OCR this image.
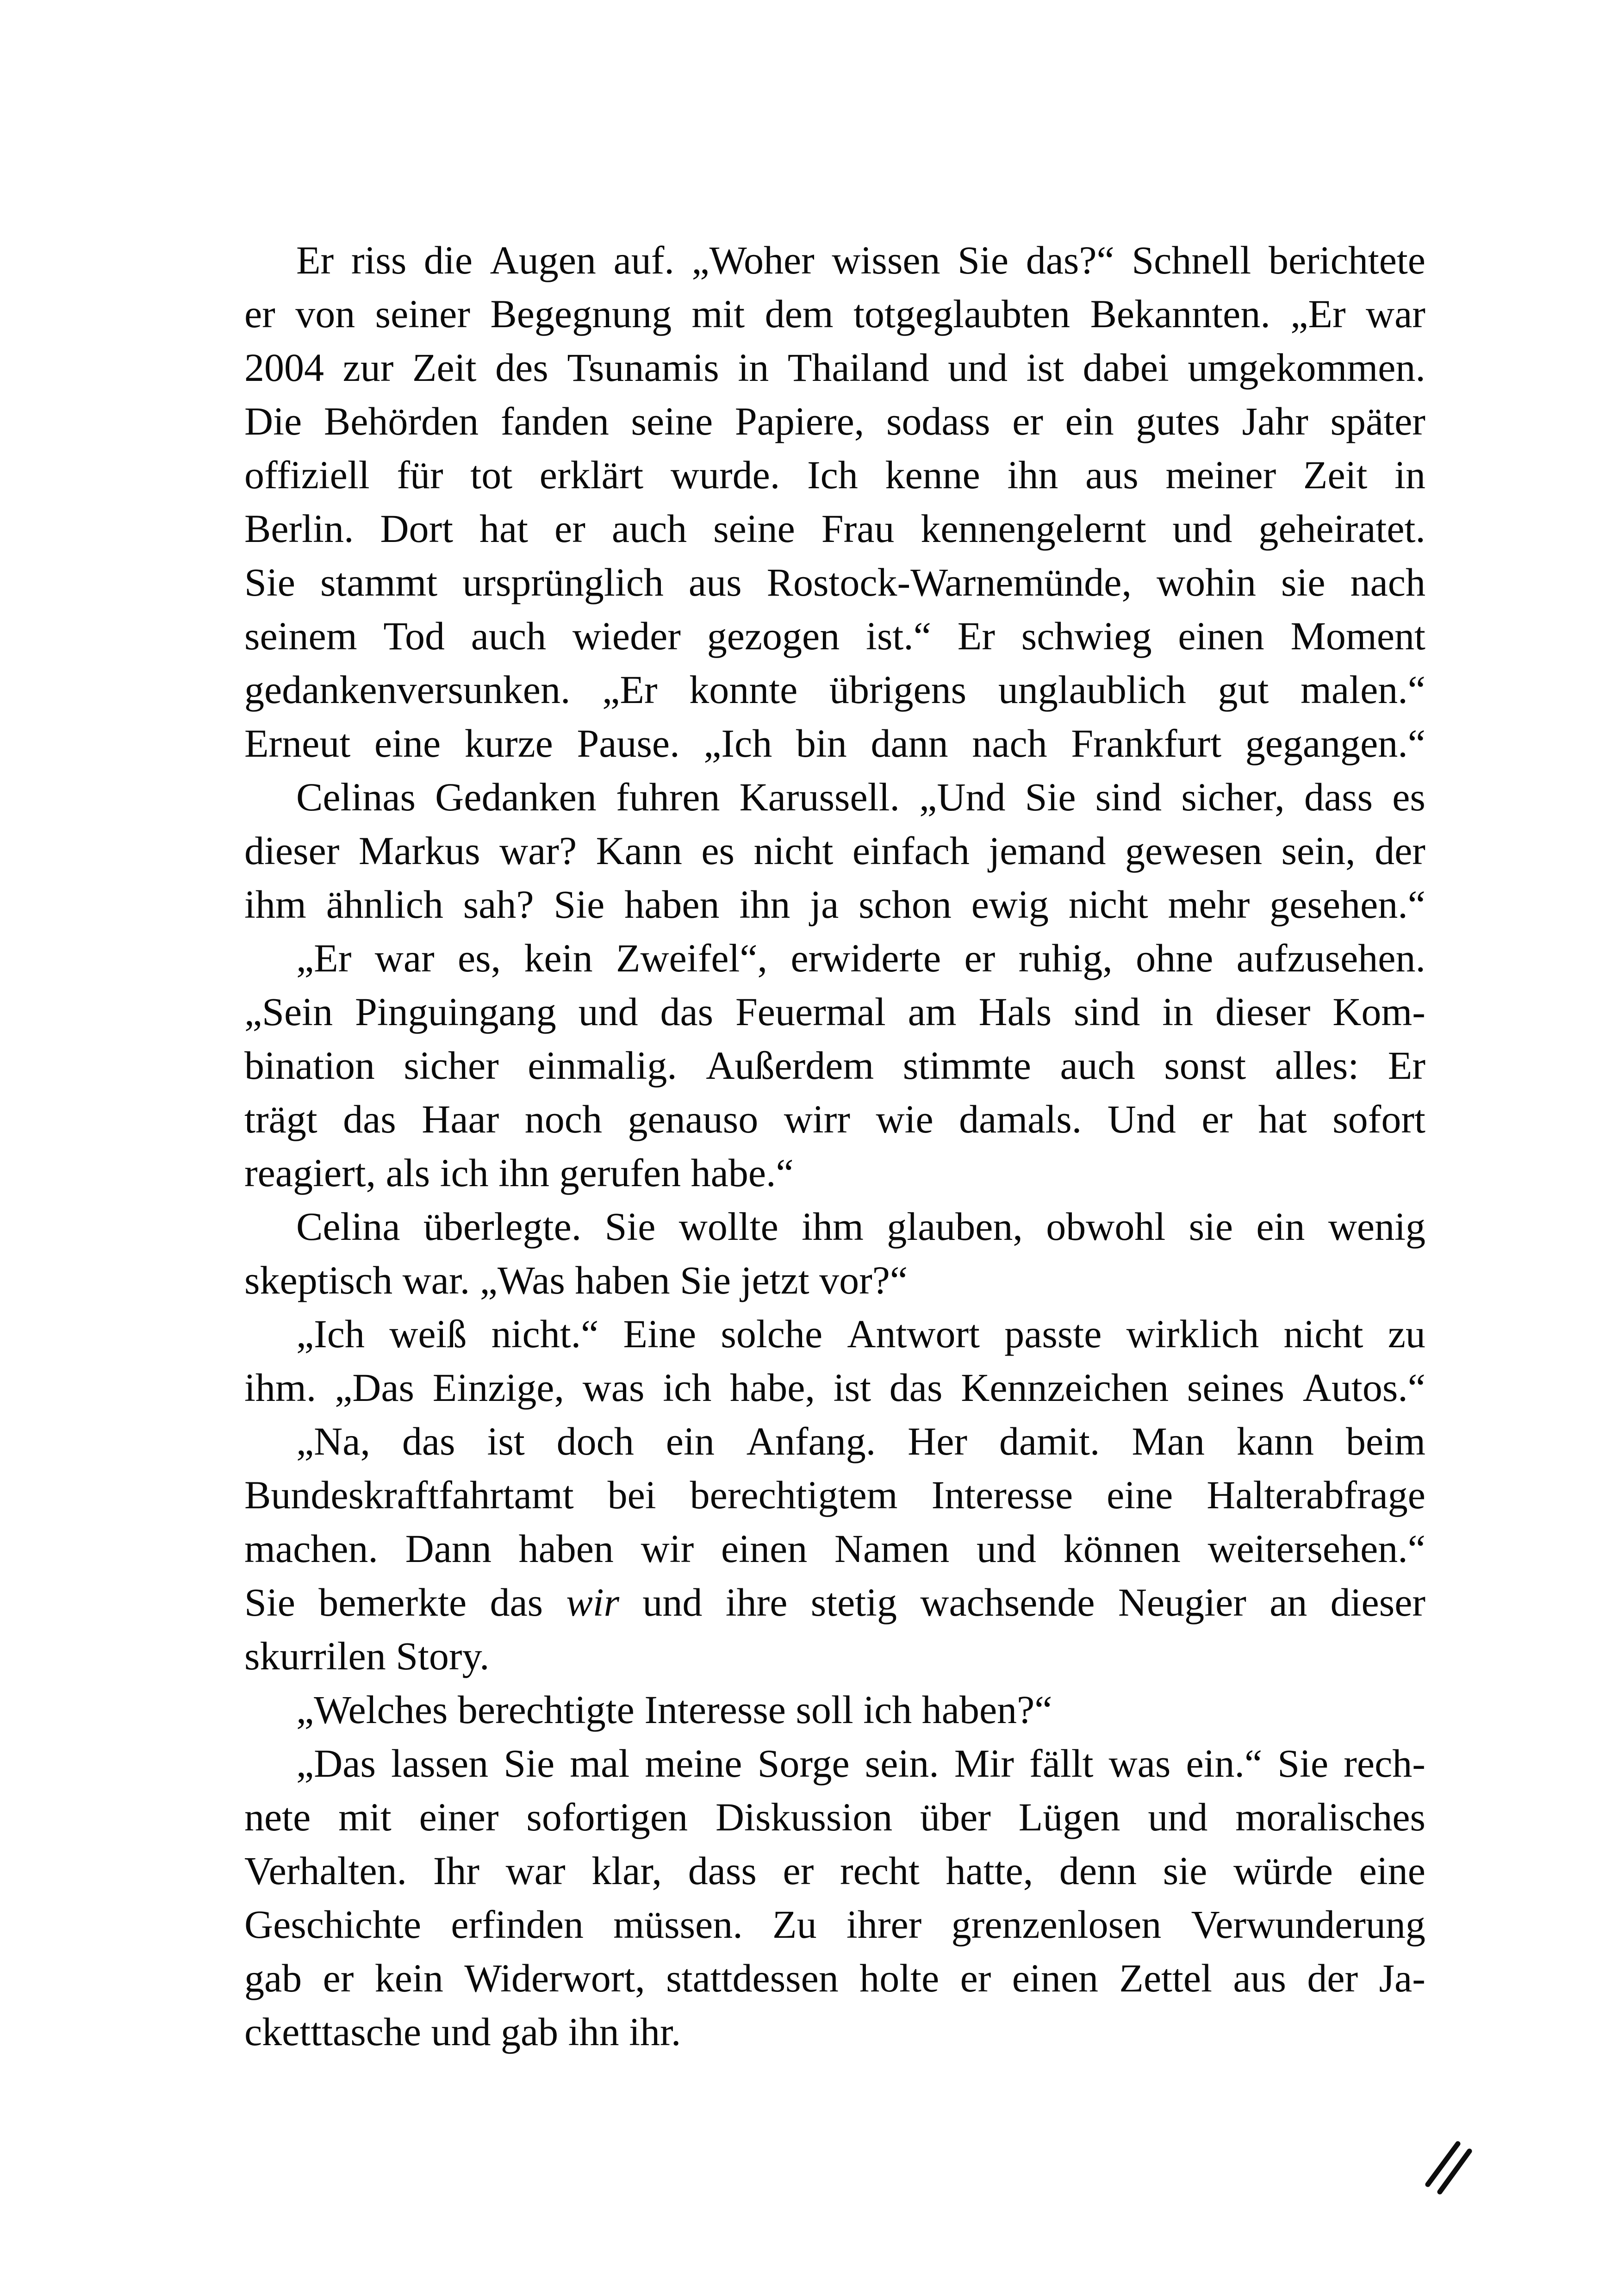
Er riss die Augen auf. „Woher wissen Sie das?“ Schnell berichtete
er von seiner Begegnung mit dem totgeglaubten Bekannten. „Er war
2004 zur Zeit des Tsunamis in Thailand und ist dabei umgekommen.
Die Behörden fanden seine Papiere, sodass er ein gutes Jahr später
offiziell für tot erklärt wurde. Ich kenne ihn aus meiner Zeit in
Berlin. Dort hat er auch seine Frau kennengelernt und geheiratet.
Sie stammt ursprünglich aus Rostock-Warnemünde, wohin sie nach
seinem Tod auch wieder gezogen ist.“ Er schwieg einen Moment
gedankenversunken. „Er konnte übrigens unglaublich gut malen.“
Erneut eine kurze Pause. „Ich bin dann nach Frankfurt gegangen.“
Celinas Gedanken fuhren Karussell. „Und Sie sind sicher, dass es
dieser Markus war? Kann es nicht einfach jemand gewesen sein, der
ihm ähnlich sah? Sie haben ihn ja schon ewig nicht mehr gesehen.“
„Er war es, kein Zweifel“, erwiderte er ruhig, ohne aufzusehen.
„Sein Pinguingang und das Feuermal am Hals sind in dieser Kom-
bination sicher einmalig. Außerdem stimmte auch sonst alles: Er
trägt das Haar noch genauso wirr wie damals. Und er hat sofort
reagiert, als ich ihn gerufen habe.“
Celina überlegte. Sie wollte ihm glauben, obwohl sie ein wenig
skeptisch war. „Was haben Sie jetzt vor?“
„Ich weiß nicht.“ Eine solche Antwort passte wirklich nicht zu
ihm. „Das Einzige, was ich habe, ist das Kennzeichen seines Autos.“
„Na, das ist doch ein Anfang. Her damit. Man kann beim
Bundeskraftfahrtamt bei berechtigtem Interesse eine Halterabfrage
machen. Dann haben wir einen Namen und können weitersehen.“
Sie bemerkte das wir und ihre stetig wachsende Neugier an dieser
skurrilen Story.
„Welches berechtigte Interesse soll ich haben?“
„Das lassen Sie mal meine Sorge sein. Mir fällt was ein.“ Sie rech-
nete mit einer sofortigen Diskussion über Lügen und moralisches
Verhalten. Ihr war klar, dass er recht hatte, denn sie würde eine
Geschichte erfinden müssen. Zu ihrer grenzenlosen Verwunderung
gab er kein Widerwort, stattdessen holte er einen Zettel aus der Ja-
cketttasche und gab ihn ihr.
